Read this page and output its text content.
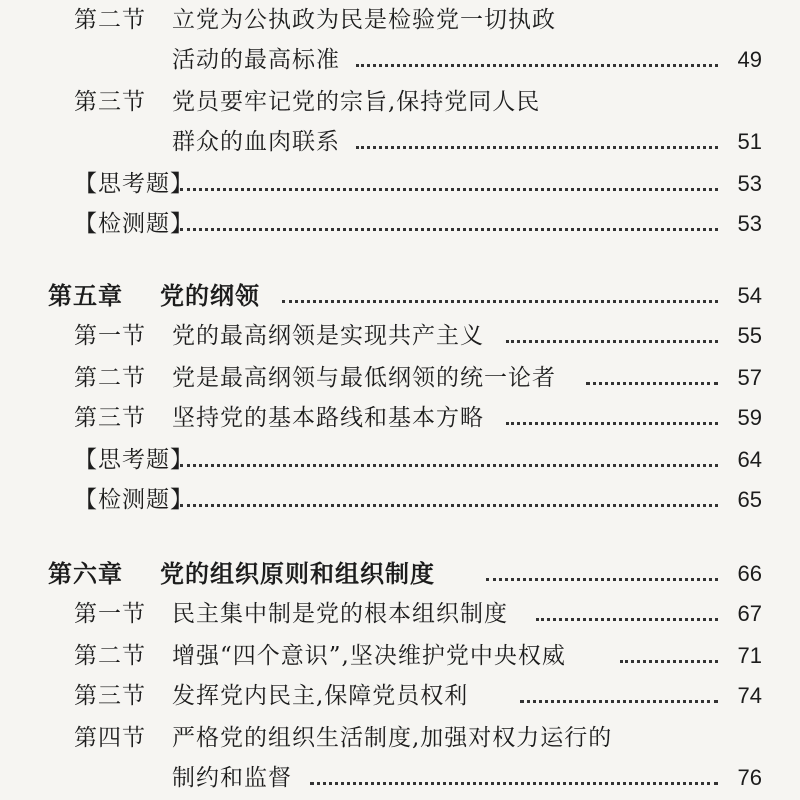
第二节 立党为公执政为民是检验党一切执政
活动的最高标准	49
第三节 党员要牢记党的宗旨,保持党同人民
群众的血肉联系	51
【思考题】	53
【检测题】	53
第五章 党的纲领	54
第一节 党的最高纲领是实现共产主义	55
第二节 党是最高纲领与最低纲领的统一论者	57
第三节 坚持党的基本路线和基本方略	59
【思考题】	64
【检测题】	65
第六章 党的组织原则和组织制度	66
第一节 民主集中制是党的根本组织制度	67
第二节 增强“四个意识”,坚决维护党中央权威	71
第三节 发挥党内民主,保障党员权利	74
第四节 严格党的组织生活制度,加强对权力运行的
制约和监督	76
